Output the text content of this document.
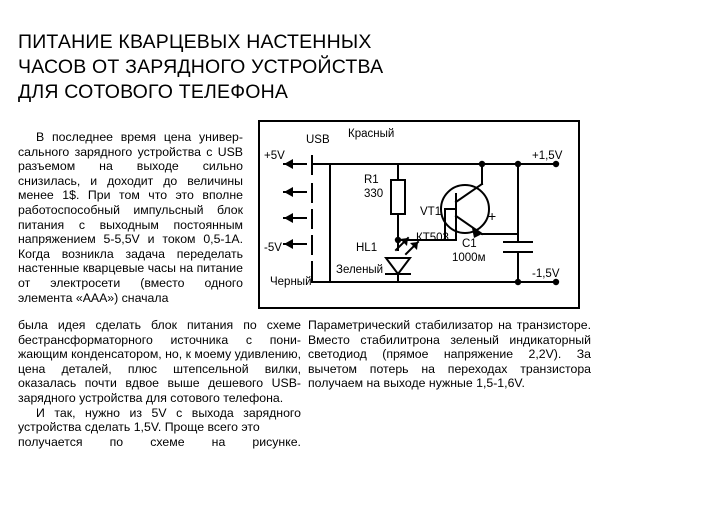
ПИТАНИЕ КВАРЦЕВЫХ НАСТЕННЫХ
ЧАСОВ ОТ ЗАРЯДНОГО УСТРОЙСТВА
ДЛЯ СОТОВОГО ТЕЛЕФОНА

В последнее время цена универсального зарядного устройства с USB разъемом на выходе сильно снизилась, и доходит до величины менее 1$. При том что это вполне работоспособный импульсный блок питания с выходным постоянным напряжением 5-5,5V и током 0,5-1A. Когда возникла задача переделать настенные кварцевые часы на питание от электросети (вместо одного элемента «ААА») сначала

была идея сделать блок питания по схеме бестрансформаторного источника с понижающим конденсатором, но, к моему удивлению, цена деталей, плюс штепсельной вилки, оказалась почти вдвое выше дешевого USB-зарядного устройства для сотового телефона.

И так, нужно из 5V с выхода зарядного устройства сделать 1,5V. Проще всего это

получается по схеме на рисунке.

Параметрический стабилизатор на транзисторе. Вместо стабилитрона зеленый индикаторный светодиод (прямое напряжение 2,2V). За вычетом потерь на переходах транзистора получаем на выходе нужные 1,5-1,6V.

USB Красный
Черный
+5V
-5V
+1,5V
-1,5V
R1
330
VT1
КТ503
HL1
Зеленый
+
C1
1000м
